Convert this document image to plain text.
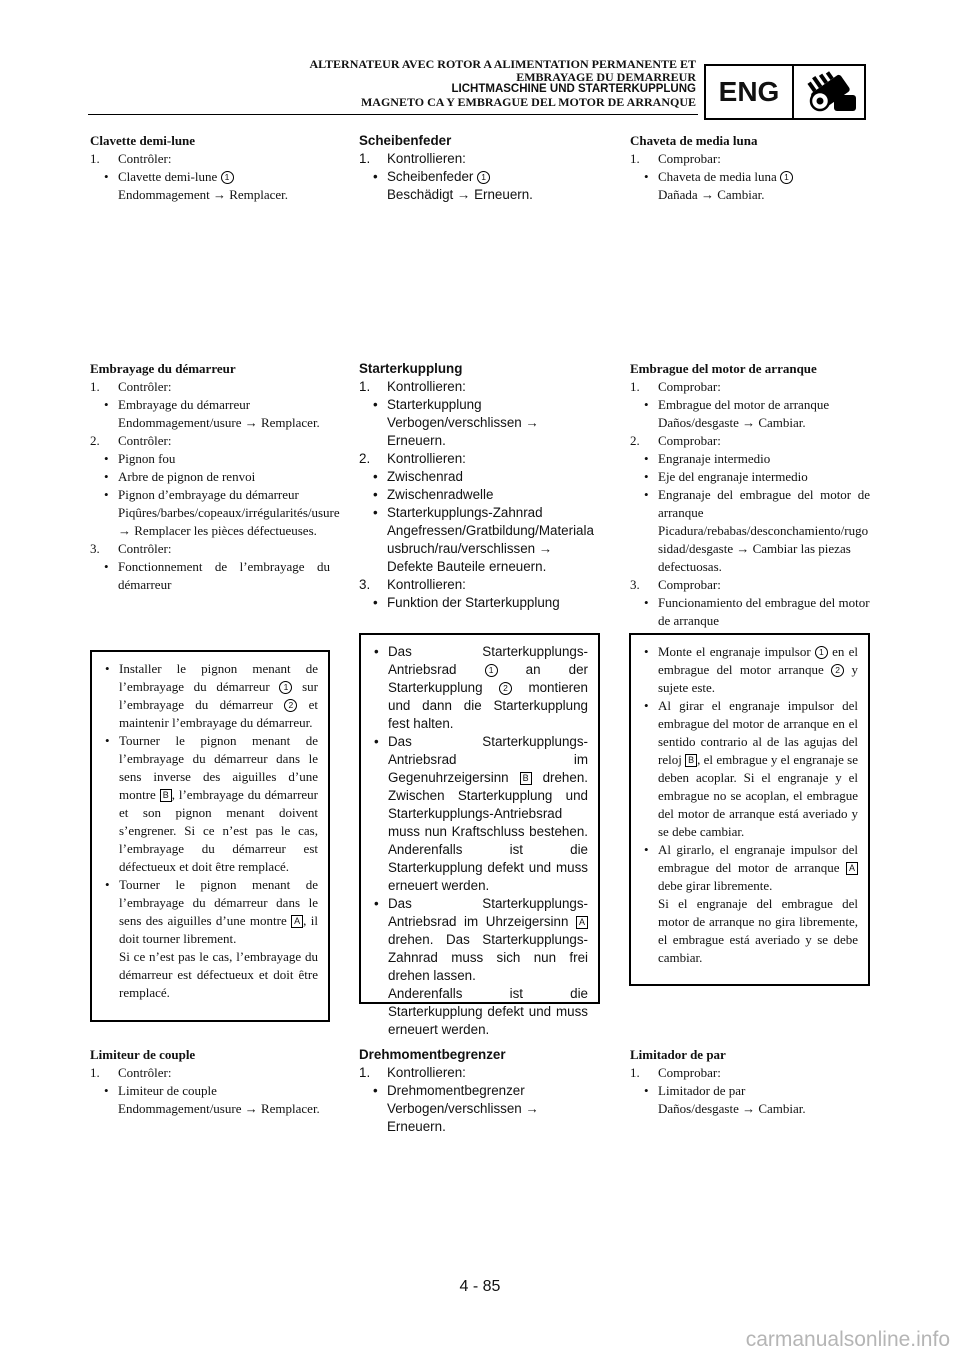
ALTERNATEUR AVEC ROTOR A ALIMENTATION PERMANENTE ET
EMBRAYAGE DU DEMARREUR
LICHTMASCHINE UND STARTERKUPPLUNG
MAGNETO CA Y EMBRAGUE DEL MOTOR DE ARRANQUE ENG
Clavette demi-lune
1. Contrôler:
• Clavette demi-lune 1
Endommagement → Remplacer.
Embrayage du démarreur
1. Contrôler:
• Embrayage du démarreur
Endommagement/usure → Remplacer.
2. Contrôler:
• Pignon fou
• Arbre de pignon de renvoi
• Pignon d’embrayage du démarreur
Piqûres/barbes/copeaux/irrégularités/usure → Remplacer les pièces défectueuses.
3. Contrôler:
• Fonctionnement de l’embrayage du démarreur
• Installer le pignon menant de l’embrayage du démarreur 1 sur l’embrayage du démarreur 2 et maintenir l’embrayage du démarreur.
• Tourner le pignon menant de l’embrayage du démarreur dans le sens inverse des aiguilles d’une montre B , l’embrayage du démarreur et son pignon menant doivent s’engrener. Si ce n’est pas le cas, l’embrayage du démarreur est défectueux et doit être remplacé.
• Tourner le pignon menant de l’embrayage du démarreur dans le sens des aiguilles d’une montre A , il doit tourner librement.
Si ce n’est pas le cas, l’embrayage du démarreur est défectueux et doit être remplacé.
Limiteur de couple
1. Contrôler:
• Limiteur de couple
Endommagement/usure → Remplacer.
Scheibenfeder
1. Kontrollieren:
• Scheibenfeder 1
Beschädigt → Erneuern.
Starterkupplung
1. Kontrollieren:
• Starterkupplung
Verbogen/verschlissen → Erneuern.
2. Kontrollieren:
• Zwischenrad
• Zwischenradwelle
• Starterkupplungs-Zahnrad
Angefressen/Gratbildung/Materialausbruch/rau/verschlissen → Defekte Bauteile erneuern.
3. Kontrollieren:
• Funktion der Starterkupplung
• Das Starterkupplungs-Antriebsrad	1 an der Starterkupplung 2 montieren und dann die Starterkupplung fest halten.
• Das Starterkupplungs-Antriebsrad im Gegenuhrzeigersinn B drehen. Zwischen Starterkupplung und Starterkupplungs-Antriebsrad muss nun Kraftschluss bestehen. Anderenfalls ist die Starterkupplung defekt und muss erneuert werden.
• Das Starterkupplungs-Antriebsrad im Uhrzeigersinn A drehen. Das Starterkupplungs-Zahnrad muss sich nun frei drehen lassen.
Anderenfalls ist die Starterkupplung defekt und muss erneuert werden.
Drehmomentbegrenzer
1. Kontrollieren:
• Drehmomentbegrenzer
Verbogen/verschlissen → Erneuern.
Chaveta de media luna
1. Comprobar:
• Chaveta de media luna 1
Dañada → Cambiar.
Embrague del motor de arranque
1. Comprobar:
• Embrague del motor de arranque
Daños/desgaste → Cambiar.
2. Comprobar:
• Engranaje intermedio
• Eje del engranaje intermedio
• Engranaje del embrague del motor de arranque
Picadura/rebabas/desconchamiento/rugosidad/desgaste → Cambiar las piezas defectuosas.
3. Comprobar:
• Funcionamiento del embrague del motor de arranque
• Monte el engranaje impulsor 1 en el embrague del motor arranque 2 y sujete este.
• Al girar el engranaje impulsor del embrague del motor de arranque en el sentido contrario al de las agujas del reloj B , el embrague y el engranaje se deben acoplar. Si el engranaje y el embrague no se acoplan, el embrague del motor de arranque está averiado y se debe cambiar.
• Al girarlo, el engranaje impulsor del embrague del motor de arranque A debe girar libremente.
Si el engranaje del embrague del motor de arranque no gira libremente, el embrague está averiado y se debe cambiar.
Limitador de par
1. Comprobar:
• Limitador de par
Daños/desgaste → Cambiar.
4 - 85
carmanualsonline.info
